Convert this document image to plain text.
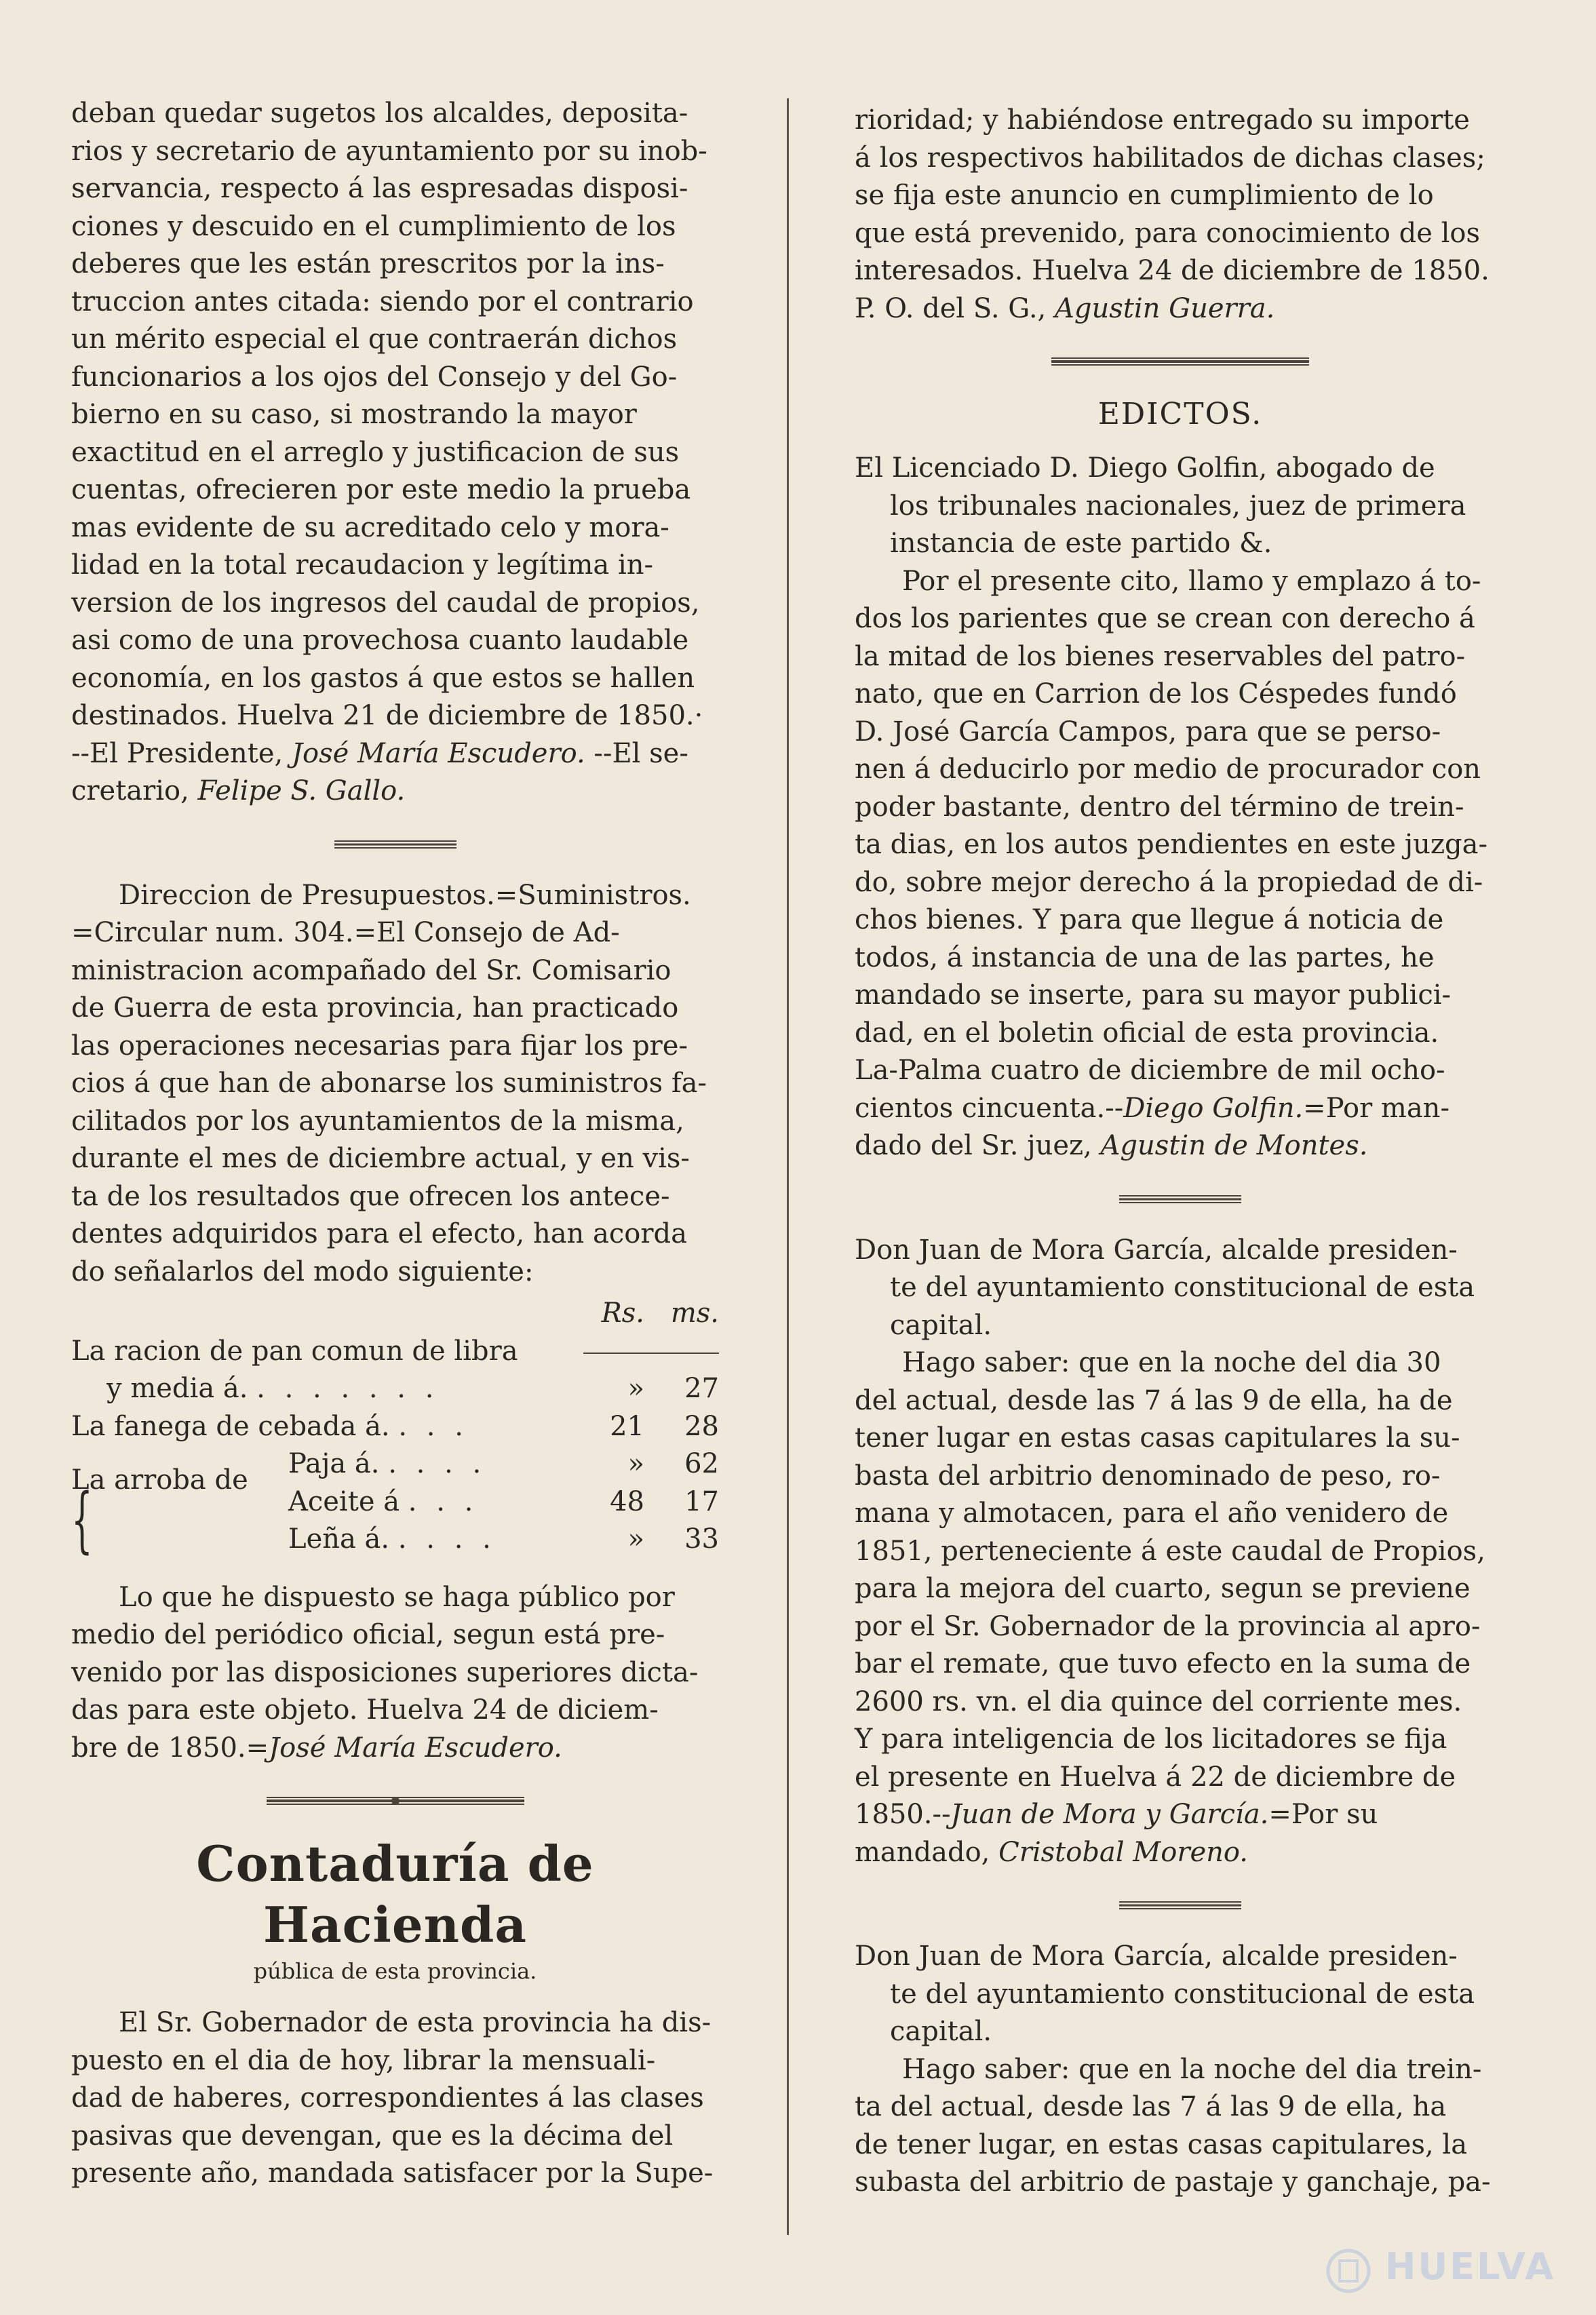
deban quedar sugetos los alcaldes, deposita-

rios y secretario de ayuntamiento por su inob-

servancia, respecto á las espresadas disposi-

ciones y descuido en el cumplimiento de los

deberes que les están prescritos por la ins-

truccion antes citada: siendo por el contrario

un mérito especial el que contraerán dichos

funcionarios a los ojos del Consejo y del Go-

bierno en su caso, si mostrando la mayor

exactitud en el arreglo y justificacion de sus

cuentas, ofrecieren por este medio la prueba

mas evidente de su acreditado celo y mora-

lidad en la total recaudacion y legítima in-

version de los ingresos del caudal de propios,

asi como de una provechosa cuanto laudable

economía, en los gastos á que estos se hallen

destinados. Huelva 21 de diciembre de 1850.·

--El Presidente, José María Escudero. --El se-

cretario, Felipe S. Gallo.

Direccion de Presupuestos.=Suministros.

=Circular num. 304.=El Consejo de Ad-

ministracion acompañado del Sr. Comisario

de Guerra de esta provincia, han practicado

las operaciones necesarias para fijar los pre-

cios á que han de abonarse los suministros fa-

cilitados por los ayuntamientos de la misma,

durante el mes de diciembre actual, y en vis-

ta de los resultados que ofrecen los antece-

dentes adquiridos para el efecto, han acorda

do señalarlos del modo siguiente:

		Rs.	ms.
La racion de pan comun de libra			

y media á. . . . . . . .		»	27
La fanega de cebada á. . . .		21	28
La arroba de {	Paja á. . . . .	»	62
	Aceite á . . .	48	17
	Leña á. . . . .	»	33

Lo que he dispuesto se haga público por

medio del periódico oficial, segun está pre-

venido por las disposiciones superiores dicta-

das para este objeto. Huelva 24 de diciem-

bre de 1850.=José María Escudero.

Contaduría de Hacienda
pública de esta provincia.

El Sr. Gobernador de esta provincia ha dis-

puesto en el dia de hoy, librar la mensuali-

dad de haberes, correspondientes á las clases

pasivas que devengan, que es la décima del

presente año, mandada satisfacer por la Supe-

rioridad; y habiéndose entregado su importe

á los respectivos habilitados de dichas clases;

se fija este anuncio en cumplimiento de lo

que está prevenido, para conocimiento de los

interesados. Huelva 24 de diciembre de 1850.

P. O. del S. G., Agustin Guerra.

EDICTOS.

El Licenciado D. Diego Golfin, abogado de

los tribunales nacionales, juez de primera

instancia de este partido &.

Por el presente cito, llamo y emplazo á to-

dos los parientes que se crean con derecho á

la mitad de los bienes reservables del patro-

nato, que en Carrion de los Céspedes fundó

D. José García Campos, para que se perso-

nen á deducirlo por medio de procurador con

poder bastante, dentro del término de trein-

ta dias, en los autos pendientes en este juzga-

do, sobre mejor derecho á la propiedad de di-

chos bienes. Y para que llegue á noticia de

todos, á instancia de una de las partes, he

mandado se inserte, para su mayor publici-

dad, en el boletin oficial de esta provincia.

La-Palma cuatro de diciembre de mil ocho-

cientos cincuenta.--Diego Golfin.=Por man-

dado del Sr. juez, Agustin de Montes.

Don Juan de Mora García, alcalde presiden-

te del ayuntamiento constitucional de esta

capital.

Hago saber: que en la noche del dia 30

del actual, desde las 7 á las 9 de ella, ha de

tener lugar en estas casas capitulares la su-

basta del arbitrio denominado de peso, ro-

mana y almotacen, para el año venidero de

1851, perteneciente á este caudal de Propios,

para la mejora del cuarto, segun se previene

por el Sr. Gobernador de la provincia al apro-

bar el remate, que tuvo efecto en la suma de

2600 rs. vn. el dia quince del corriente mes.

Y para inteligencia de los licitadores se fija

el presente en Huelva á 22 de diciembre de

1850.--Juan de Mora y García.=Por su

mandado, Cristobal Moreno.

Don Juan de Mora García, alcalde presiden-

te del ayuntamiento constitucional de esta

capital.

Hago saber: que en la noche del dia trein-

ta del actual, desde las 7 á las 9 de ella, ha

de tener lugar, en estas casas capitulares, la

subasta del arbitrio de pastaje y ganchaje, pa-

HUELVA
